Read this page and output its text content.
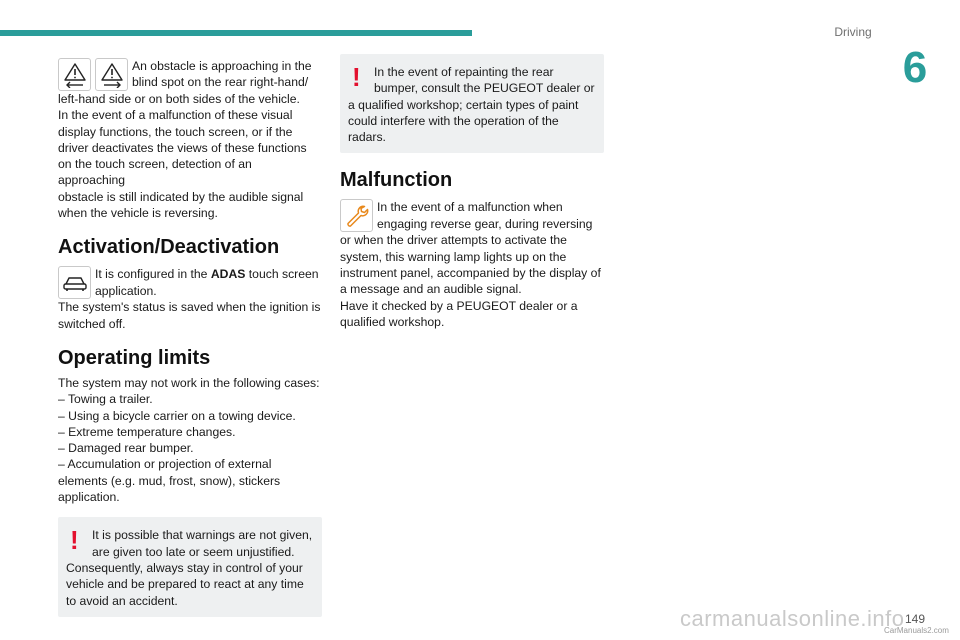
Driving
6
An obstacle is approaching in the
blind spot on the rear right-hand/
left-hand side or on both sides of the vehicle.
In the event of a malfunction of these visual
display functions, the touch screen, or if the
driver deactivates the views of these functions
on the touch screen, detection of an approaching
obstacle is still indicated by the audible signal
when the vehicle is reversing.
Activation/Deactivation
It is configured in the ADAS touch screen
application.
The system's status is saved when the ignition is
switched off.
Operating limits
The system may not work in the following cases:
– Towing a trailer.
– Using a bicycle carrier on a towing device.
– Extreme temperature changes.
– Damaged rear bumper.
– Accumulation or projection of external
elements (e.g. mud, frost, snow), stickers
application.
!	It is possible that warnings are not given,
are given too late or seem unjustified.
Consequently, always stay in control of your
vehicle and be prepared to react at any time
to avoid an accident.
!	In the event of repainting the rear
bumper, consult the PEUGEOT dealer or
a qualified workshop; certain types of paint
could interfere with the operation of the
radars.
Malfunction
In the event of a malfunction when
engaging reverse gear, during reversing
or when the driver attempts to activate the
system, this warning lamp lights up on the
instrument panel, accompanied by the display of
a message and an audible signal.
Have it checked by a PEUGEOT dealer or a
qualified workshop.
carmanualsonline.info 149
CarManuals2.com
